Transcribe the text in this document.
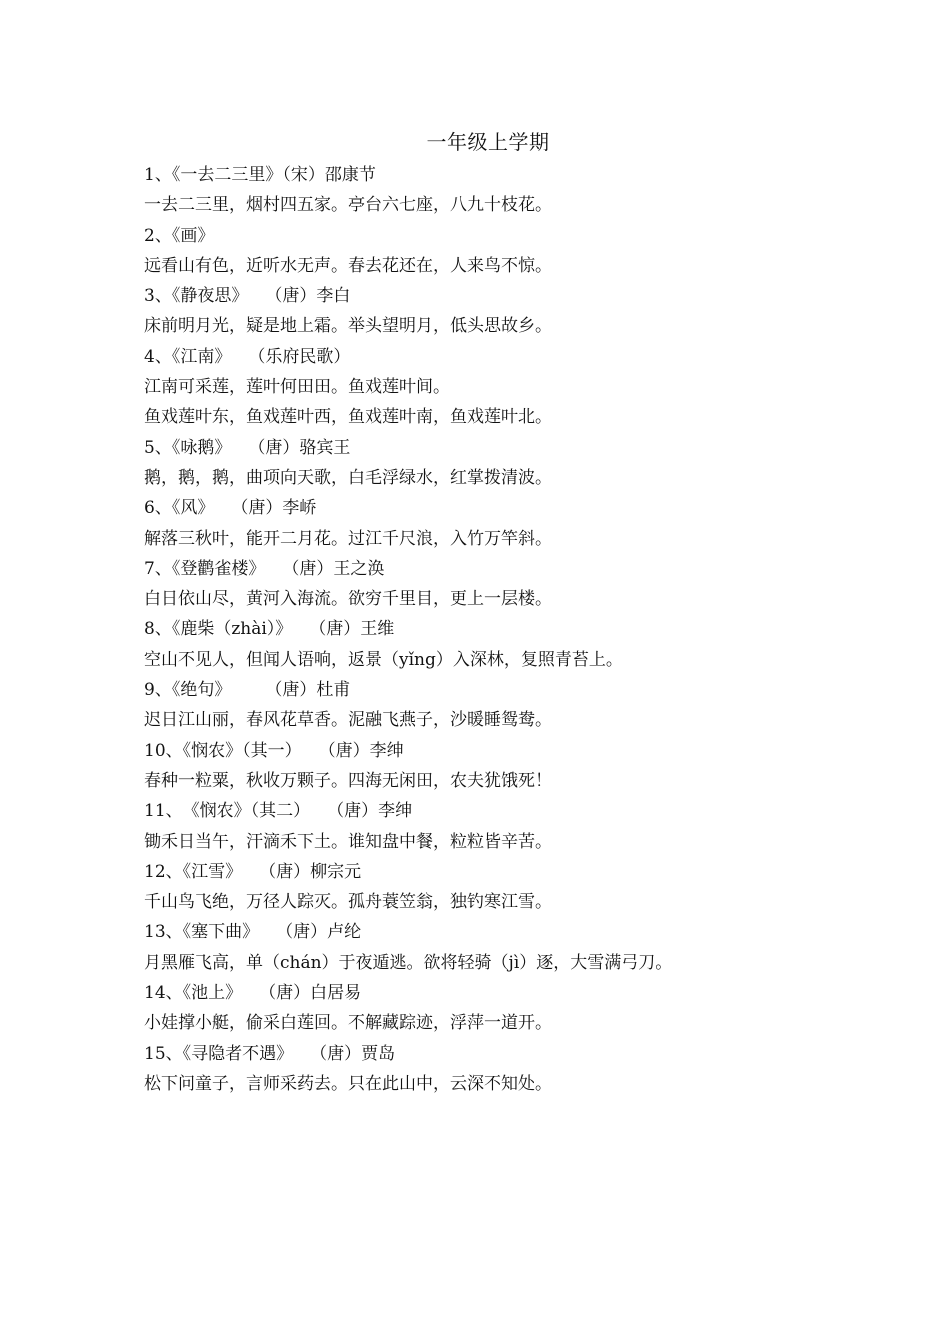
一年级上学期
1、《一去二三里》（宋）邵康节
一去二三里，烟村四五家。亭台六七座，八九十枝花。
2、《画》
远看山有色，近听水无声。春去花还在，人来鸟不惊。
3、《静夜思》　　（唐）李白
床前明月光，疑是地上霜。举头望明月，低头思故乡。
4、《江南》　　（乐府民歌）
江南可采莲，莲叶何田田。鱼戏莲叶间。
鱼戏莲叶东，鱼戏莲叶西，鱼戏莲叶南，鱼戏莲叶北。
5、《咏鹅》　　（唐）骆宾王
鹅，鹅，鹅，曲项向天歌，白毛浮绿水，红掌拨清波。
6、《风》　　（唐）李峤
解落三秋叶，能开二月花。过江千尺浪，入竹万竿斜。
7、《登鹳雀楼》　　（唐）王之涣
白日依山尽，黄河入海流。欲穷千里目，更上一层楼。
8、《鹿柴（zhài）》　　（唐）王维
空山不见人，但闻人语响，返景（yǐng）入深林，复照青苔上。
9、《绝句》　　　（唐）杜甫
迟日江山丽，春风花草香。泥融飞燕子，沙暖睡鸳鸯。
10、《悯农》（其一）　　（唐）李绅
春种一粒粟，秋收万颗子。四海无闲田，农夫犹饿死！
11、　《悯农》（其二）　　（唐）李绅
锄禾日当午，汗滴禾下土。谁知盘中餐，粒粒皆辛苦。
12、《江雪》　　（唐）柳宗元
千山鸟飞绝，万径人踪灭。孤舟蓑笠翁，独钓寒江雪。
13、《塞下曲》　　（唐）卢纶
月黑雁飞高，单（chán）于夜遁逃。欲将轻骑（jì）逐，大雪满弓刀。
14、《池上》　　（唐）白居易
小娃撑小艇，偷采白莲回。不解藏踪迹，浮萍一道开。
15、《寻隐者不遇》　　（唐）贾岛
松下问童子，言师采药去。只在此山中，云深不知处。
